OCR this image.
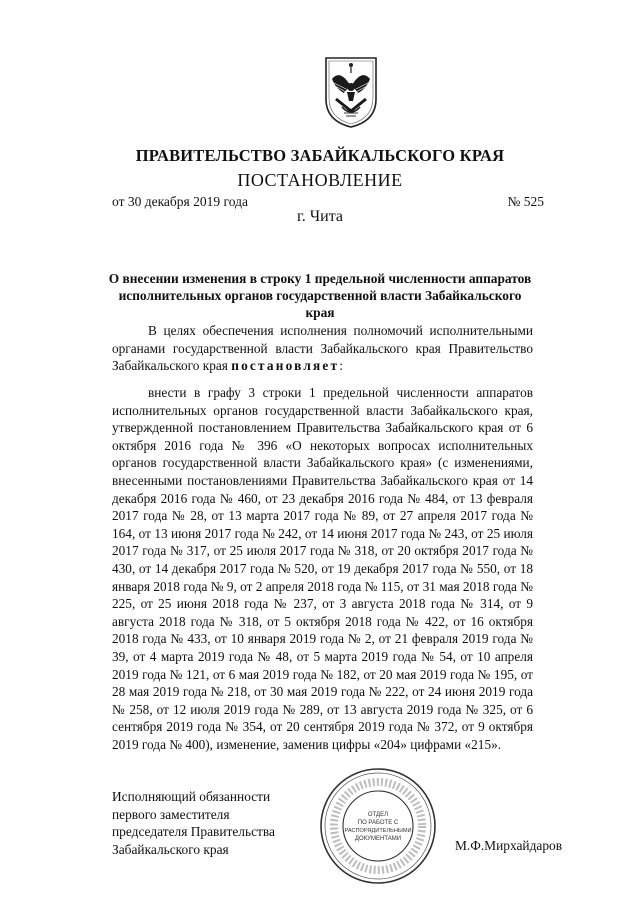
ПРАВИТЕЛЬСТВО ЗАБАЙКАЛЬСКОГО КРАЯ
ПОСТАНОВЛЕНИЕ
от 30 декабря 2019 года	№ 525
г. Чита
О внесении изменения в строку 1 предельной численности аппаратов
исполнительных органов государственной власти Забайкальского края
В целях обеспечения исполнения полномочий исполнительными органами государственной власти Забайкальского края Правительство Забайкальского края постановляет:
внести в графу 3 строки 1 предельной численности аппаратов исполнительных органов государственной власти Забайкальского края, утвержденной постановлением Правительства Забайкальского края от 6 октября 2016 года № 396 «О некоторых вопросах исполнительных органов государственной власти Забайкальского края» (с изменениями, внесенными постановлениями Правительства Забайкальского края от 14 декабря 2016 года № 460, от 23 декабря 2016 года № 484, от 13 февраля 2017 года № 28, от 13 марта 2017 года № 89, от 27 апреля 2017 года № 164, от 13 июня 2017 года № 242, от 14 июня 2017 года № 243, от 25 июля 2017 года № 317, от 25 июля 2017 года № 318, от 20 октября 2017 года № 430, от 14 декабря 2017 года № 520, от 19 декабря 2017 года № 550, от 18 января 2018 года № 9, от 2 апреля 2018 года № 115, от 31 мая 2018 года № 225, от 25 июня 2018 года № 237, от 3 августа 2018 года № 314, от 9 августа 2018 года № 318, от 5 октября 2018 года № 422, от 16 октября 2018 года № 433, от 10 января 2019 года № 2, от 21 февраля 2019 года № 39, от 4 марта 2019 года № 48, от 5 марта 2019 года № 54, от 10 апреля 2019 года № 121, от 6 мая 2019 года № 182, от 20 мая 2019 года № 195, от 28 мая 2019 года № 218, от 30 мая 2019 года № 222, от 24 июня 2019 года № 258, от 12 июля 2019 года № 289, от 13 августа 2019 года № 325, от 6 сентября 2019 года № 354, от 20 сентября 2019 года № 372, от 9 октября 2019 года № 400), изменение, заменив цифры «204» цифрами «215».
Исполняющий обязанности
первого заместителя
председателя Правительства
Забайкальского края
ОТДЕЛ
ПО РАБОТЕ С
РАСПОРЯДИТЕЛЬНЫМИ
ДОКУМЕНТАМИ	М.Ф.Мирхайдаров
